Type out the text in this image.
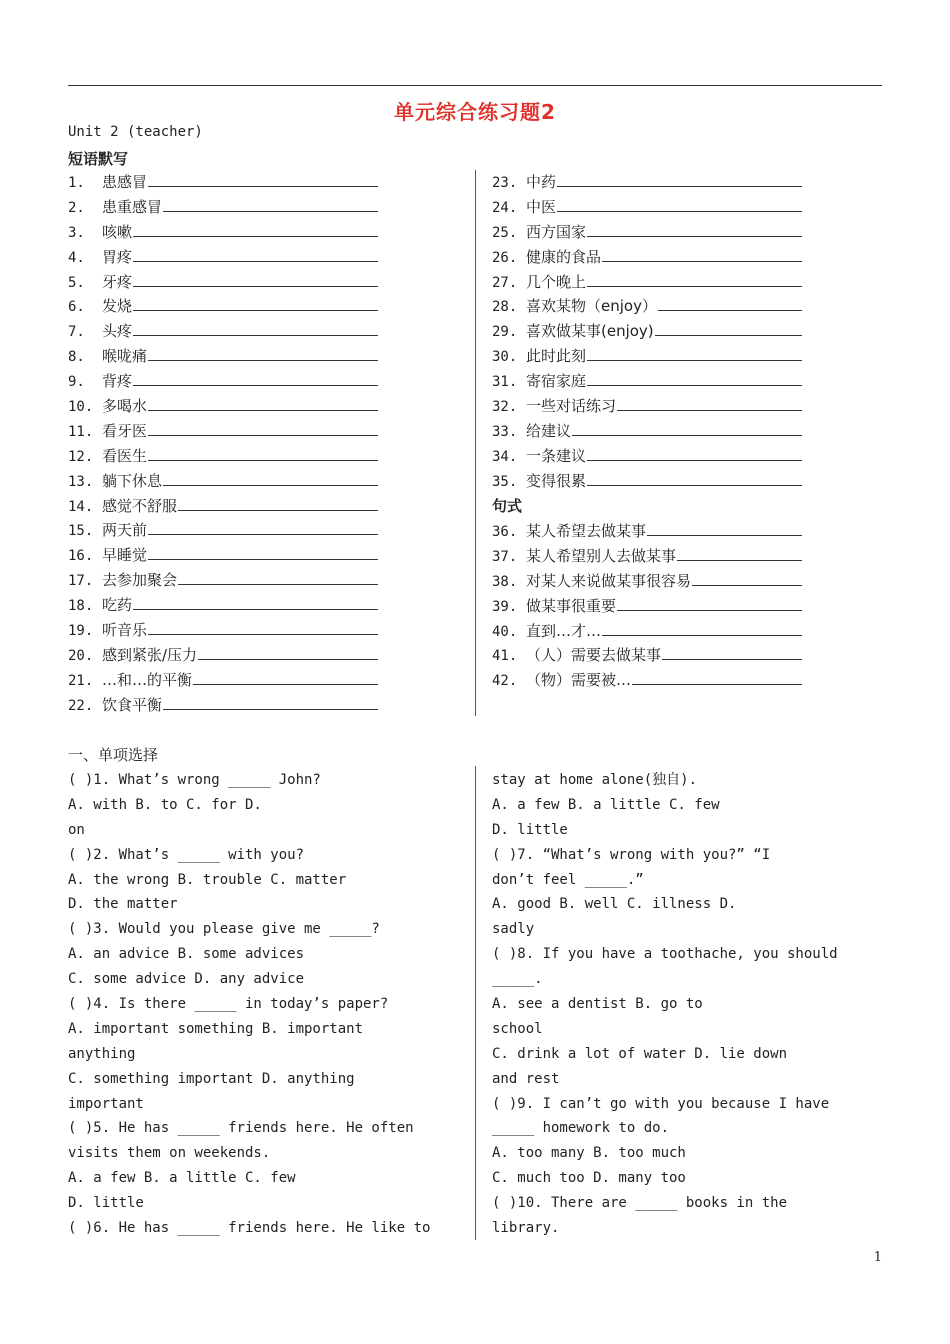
单元综合练习题2
Unit 2 (teacher)
短语默写
1. 患感冒
2. 患重感冒
3. 咳嗽
4. 胃疼
5. 牙疼
6. 发烧
7. 头疼
8. 喉咙痛
9. 背疼
10. 多喝水
11. 看牙医
12. 看医生
13. 躺下休息
14. 感觉不舒服
15. 两天前
16. 早睡觉
17. 去参加聚会
18. 吃药
19. 听音乐
20. 感到紧张/压力
21. …和…的平衡
22. 饮食平衡
23. 中药
24. 中医
25. 西方国家
26. 健康的食品
27. 几个晚上
28. 喜欢某物（enjoy）
29. 喜欢做某事(enjoy)
30. 此时此刻
31. 寄宿家庭
32. 一些对话练习
33. 给建议
34. 一条建议
35. 变得很累
句式
36. 某人希望去做某事
37. 某人希望别人去做某事
38. 对某人来说做某事很容易
39. 做某事很重要
40. 直到…才…
41. （人）需要去做某事
42. （物）需要被…
一、单项选择
( )1. What’s wrong _____ John?
A. with B. to C. for D.
on
( )2. What’s _____ with you?
A. the wrong B. trouble C. matter
D. the matter
( )3. Would you please give me _____?
A. an advice B. some advices
C. some advice D. any advice
( )4. Is there _____ in today’s paper?
A. important something B. important
anything
C. something important D. anything
important
( )5. He has _____ friends here. He often
visits them on weekends.
A. a few B. a little C. few
D. little
( )6. He has _____ friends here. He like to
stay at home alone(独自).
A. a few B. a little C. few
D. little
( )7. “What’s wrong with you?” “I
don’t feel _____.”
A. good B. well C. illness D.
sadly
( )8. If you have a toothache, you should
_____.
A. see a dentist B. go to
school
C. drink a lot of water D. lie down
and rest
( )9. I can’t go with you because I have
_____ homework to do.
A. too many B. too much
C. much too D. many too
( )10. There are _____ books in the
library.
1
